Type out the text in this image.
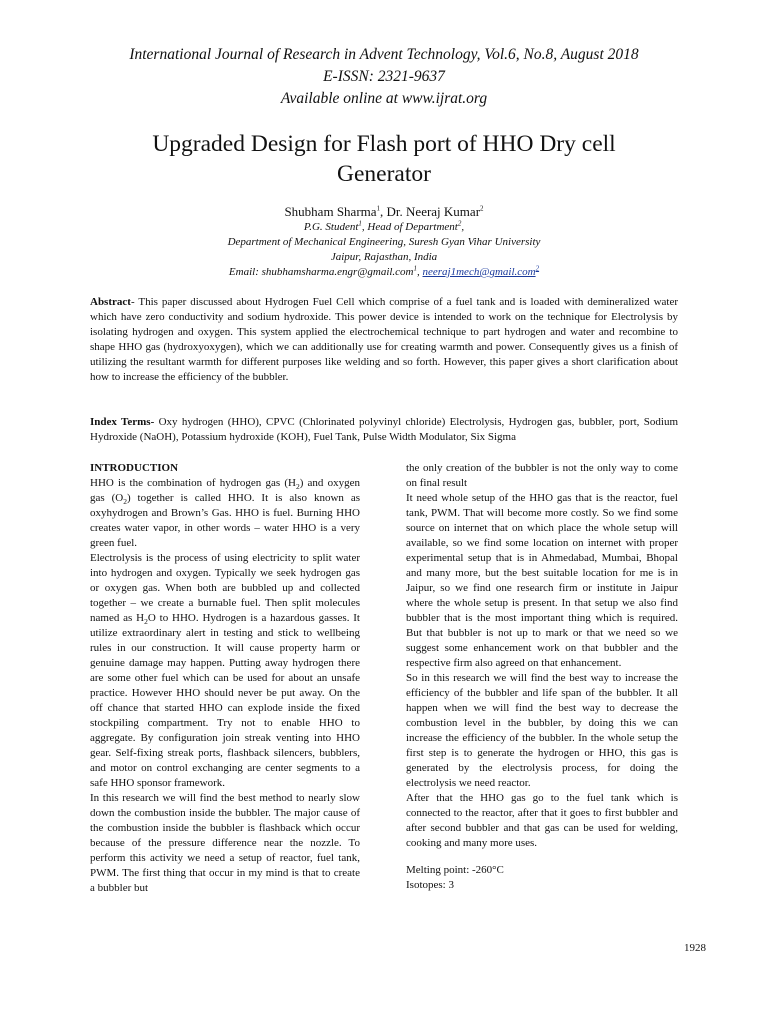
International Journal of Research in Advent Technology, Vol.6, No.8, August 2018
E-ISSN: 2321-9637
Available online at www.ijrat.org
Upgraded Design for Flash port of HHO Dry cell
Generator
Shubham Sharma$^1$, Dr. Neeraj Kumar$^2$
P.G. Student$^1$, Head of Department$^2$,
Department of Mechanical Engineering, Suresh Gyan Vihar University
Jaipur, Rajasthan, India
Email: shubhamsharma.engr@gmail.com$^1$, neeraj1mech@gmail.com$^2$
Abstract- This paper discussed about Hydrogen Fuel Cell which comprise of a fuel tank and is loaded with demineralized water which have zero conductivity and sodium hydroxide. This power device is intended to work on the technique for Electrolysis by isolating hydrogen and oxygen. This system applied the electrochemical technique to part hydrogen and water and recombine to shape HHO gas (hydroxyoxygen), which we can additionally use for creating warmth and power. Consequently gives us a finish of utilizing the resultant warmth for different purposes like welding and so forth. However, this paper gives a short clarification about how to increase the efficiency of the bubbler.
Index Terms- Oxy hydrogen (HHO), CPVC (Chlorinated polyvinyl chloride) Electrolysis, Hydrogen gas, bubbler, port, Sodium Hydroxide (NaOH), Potassium hydroxide (KOH), Fuel Tank, Pulse Width Modulator, Six Sigma

INTRODUCTION

HHO is the combination of hydrogen gas $(H_2)$ and oxygen gas $(O_2)$ together is called HHO. It is also known as oxyhydrogen and Brown’s Gas. HHO is fuel. Burning HHO creates water vapor, in other words – water HHO is a very green fuel.

Electrolysis is the process of using electricity to split water into hydrogen and oxygen. Typically we seek hydrogen gas or oxygen gas. When both are bubbled up and collected together – we create a burnable fuel. Then split molecules named as $H_2O$ to HHO. Hydrogen is a hazardous gasses. It utilize extraordinary alert in testing and stick to wellbeing rules in our construction. It will cause property harm or genuine damage may happen. Putting away hydrogen there are some other fuel which can be used for about an unsafe practice. However HHO should never be put away. On the off chance that started HHO can explode inside the fixed stockpiling compartment. Try not to enable HHO to aggregate. By configuration join streak venting into HHO gear. Self-fixing streak ports, flashback silencers, bubblers, and motor on control exchanging are center segments to a safe HHO sponsor framework.

In this research we will find the best method to nearly slow down the combustion inside the bubbler. The major cause of the combustion inside the bubbler is flashback which occur because of the pressure difference near the nozzle. To perform this activity we need a setup of reactor, fuel tank, PWM. The first thing that occur in my mind is that to create a bubbler but

the only creation of the bubbler is not the only way to come on final result

It need whole setup of the HHO gas that is the reactor, fuel tank, PWM. That will become more costly. So we find some source on internet that on which place the whole setup will available, so we find some location on internet with proper experimental setup that is in Ahmedabad, Mumbai, Bhopal and many more, but the best suitable location for me is in Jaipur, so we find one research firm or institute in Jaipur where the whole setup is present. In that setup we also find bubbler that is the most important thing which is required. But that bubbler is not up to mark or that we need so we suggest some enhancement work on that bubbler and the respective firm also agreed on that enhancement.

So in this research we will find the best way to increase the efficiency of the bubbler and life span of the bubbler. It all happen when we will find the best way to decrease the combustion level in the bubbler, by doing this we can increase the efficiency of the bubbler. In the whole setup the first step is to generate the hydrogen or HHO, this gas is generated by the electrolysis process, for doing the electrolysis we need reactor.

After that the HHO gas go to the fuel tank which is connected to the reactor, after that it goes to first bubbler and after second bubbler and that gas can be used for welding, cooking and many more uses.

Melting point: -260°C

Isotopes: 3

1928
